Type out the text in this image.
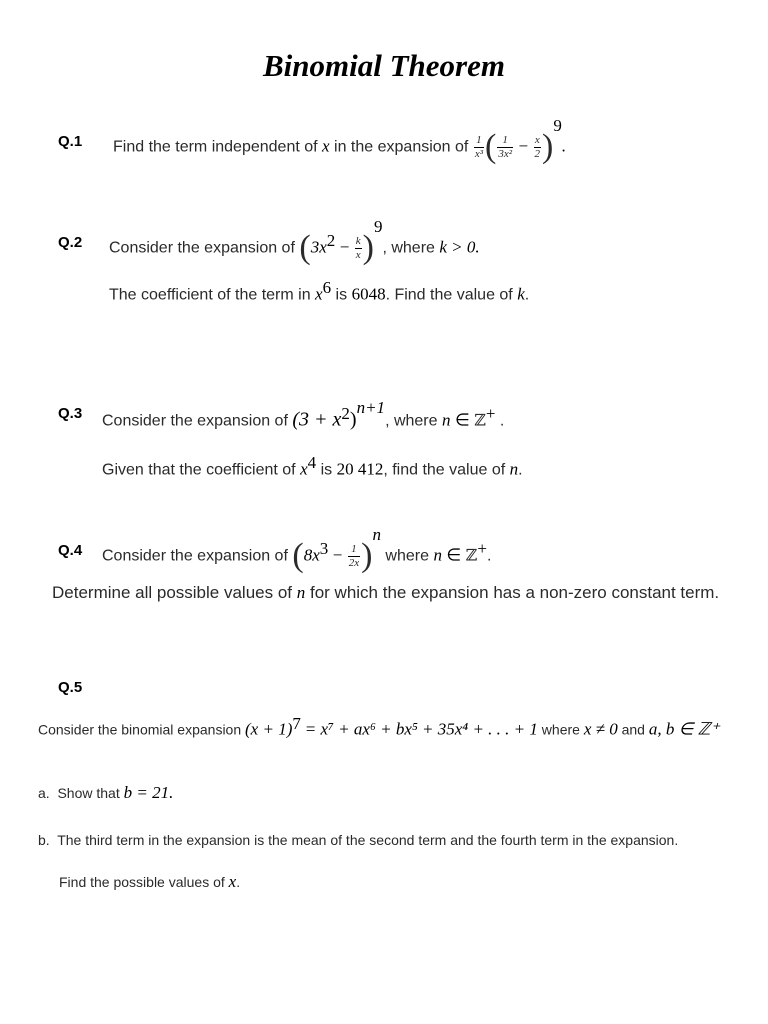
Binomial Theorem
Q.1 Find the term independent of x in the expansion of $\frac{1}{\text{x³}}$ ( $\frac{1}{\text{3x²}} - \frac{x}{2} )^9$.
Q.2 Consider the expansion of $(3x^2 - \frac{k}{x} )^9$, where k > 0.
The coefficient of the term in $x^6$ is 6048. Find the value of k.
Q.3 Consider the expansion of $(3 + x^2)^{n+1}$, where n ∈ ℤ+ .
Given that the coefficient of $x^4$ is 20 412, find the value of n.
Q.4 Consider the expansion of $(8x^3 - \frac{1}{2x} )^n$ where n ∈ ℤ+.
Determine all possible values of n for which the expansion has a non-zero constant term.
Q.5
Consider the binomial expansion $(x + 1)^7 = x^7 + ax^6 + bx^5 + 35x^4$ + . . . + 1 where x ≠ 0 and a, b ∈ ℤ⁺
a. Show that b = 21.
b. The third term in the expansion is the mean of the second term and the fourth term in the expansion.
Find the possible values of x.
